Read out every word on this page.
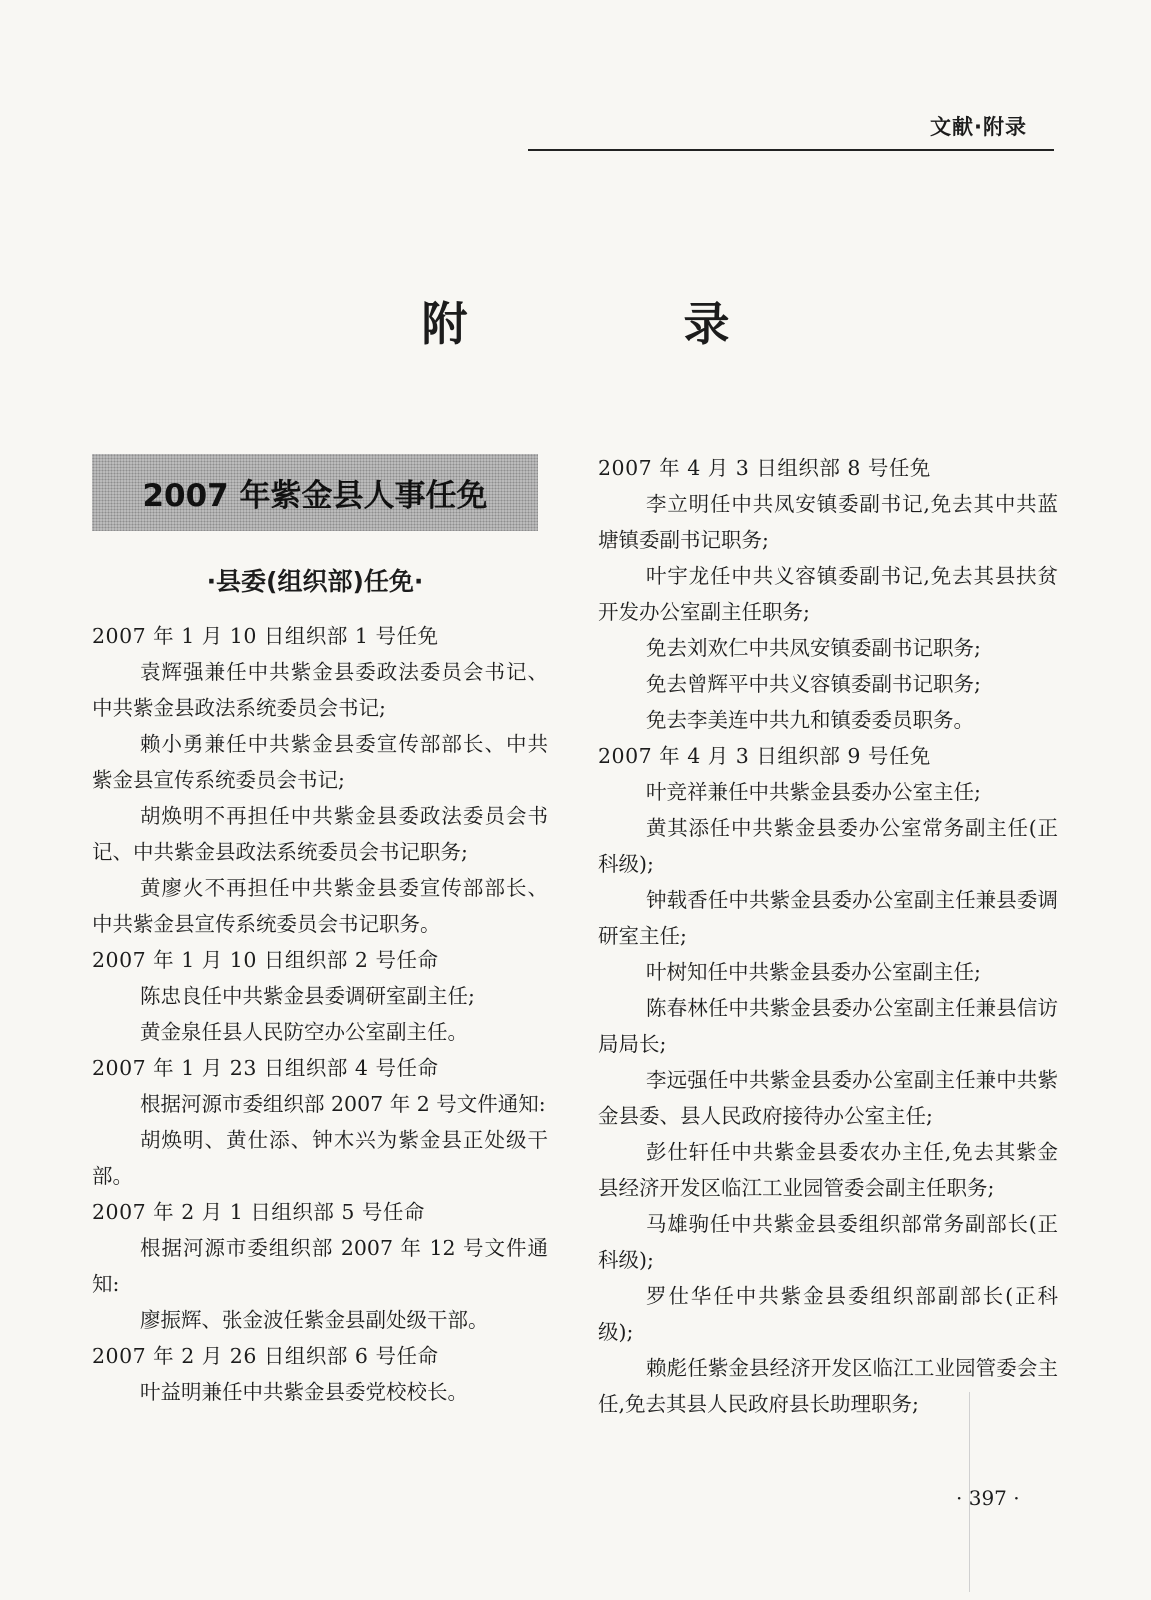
文献·附录
附 录
2007 年紫金县人事任免
·县委(组织部)任免·

2007 年 1 月 10 日组织部 1 号任免

袁辉强兼任中共紫金县委政法委员会书记、中共紫金县政法系统委员会书记;

赖小勇兼任中共紫金县委宣传部部长、中共紫金县宣传系统委员会书记;

胡焕明不再担任中共紫金县委政法委员会书记、中共紫金县政法系统委员会书记职务;

黄廖火不再担任中共紫金县委宣传部部长、中共紫金县宣传系统委员会书记职务。

2007 年 1 月 10 日组织部 2 号任命

陈忠良任中共紫金县委调研室副主任;

黄金泉任县人民防空办公室副主任。

2007 年 1 月 23 日组织部 4 号任命

根据河源市委组织部 2007 年 2 号文件通知:

胡焕明、黄仕添、钟木兴为紫金县正处级干部。

2007 年 2 月 1 日组织部 5 号任命

根据河源市委组织部 2007 年 12 号文件通知:

廖振辉、张金波任紫金县副处级干部。

2007 年 2 月 26 日组织部 6 号任命

叶益明兼任中共紫金县委党校校长。

2007 年 4 月 3 日组织部 8 号任免

李立明任中共凤安镇委副书记,免去其中共蓝塘镇委副书记职务;

叶宇龙任中共义容镇委副书记,免去其县扶贫开发办公室副主任职务;

免去刘欢仁中共凤安镇委副书记职务;

免去曾辉平中共义容镇委副书记职务;

免去李美连中共九和镇委委员职务。

2007 年 4 月 3 日组织部 9 号任免

叶竞祥兼任中共紫金县委办公室主任;

黄其添任中共紫金县委办公室常务副主任(正科级);

钟载香任中共紫金县委办公室副主任兼县委调研室主任;

叶树知任中共紫金县委办公室副主任;

陈春林任中共紫金县委办公室副主任兼县信访局局长;

李远强任中共紫金县委办公室副主任兼中共紫金县委、县人民政府接待办公室主任;

彭仕轩任中共紫金县委农办主任,免去其紫金县经济开发区临江工业园管委会副主任职务;

马雄驹任中共紫金县委组织部常务副部长(正科级);

罗仕华任中共紫金县委组织部副部长(正科级);

赖彪任紫金县经济开发区临江工业园管委会主任,免去其县人民政府县长助理职务;

· 397 ·
